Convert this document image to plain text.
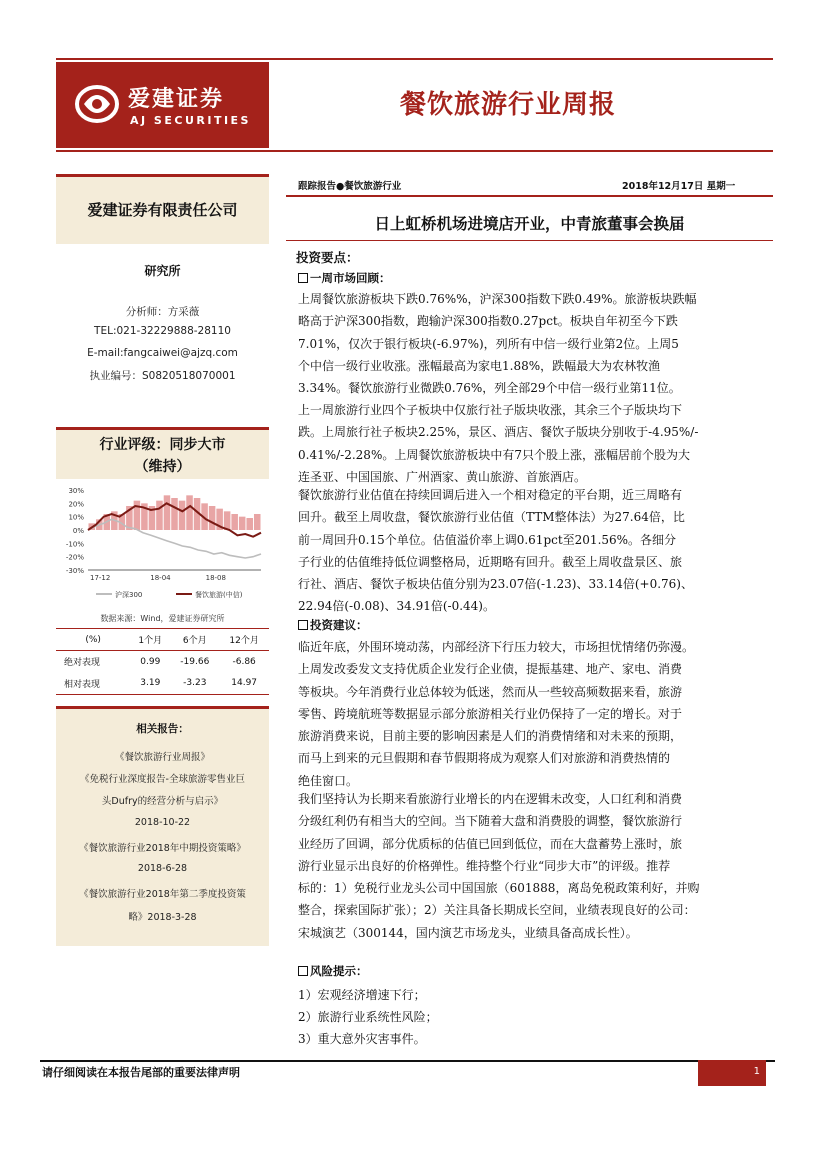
爱建证券
AJ SECURITIES
餐饮旅游行业周报
爱建证券有限责任公司
研究所
分析师：方采薇
TEL:021-32229888-28110
E-mail:fangcaiwei@ajzq.com
执业编号：S0820518070001
行业评级：同步大市
（维持）
30%
20%
10%
0%
-10%
-20%
-30%
17-12	18-04	18-08
沪深300	餐饮旅游(中信)
数据来源：Wind，爱建证券研究所
(%)	1个月	6个月	12个月
绝对表现	0.99	-19.66	-6.86
相对表现	3.19	-3.23	14.97
相关报告：
《餐饮旅游行业周报》
《免税行业深度报告-全球旅游零售业巨
头Dufry的经营分析与启示》
2018-10-22
《餐饮旅游行业2018年中期投资策略》
2018-6-28
《餐饮旅游行业2018年第二季度投资策
略》2018-3-28
跟踪报告●餐饮旅游行业	2018年12月17日 星期一
日上虹桥机场进境店开业，中青旅董事会换届
投资要点：
一周市场回顾：
上周餐饮旅游板块下跌0.76%%，沪深300指数下跌0.49%。旅游板块跌幅
略高于沪深300指数，跑输沪深300指数0.27pct。板块自年初至今下跌
7.01%，仅次于银行板块(-6.97%)，列所有中信一级行业第2位。上周5
个中信一级行业收涨。涨幅最高为家电1.88%，跌幅最大为农林牧渔
3.34%。餐饮旅游行业微跌0.76%，列全部29个中信一级行业第11位。
上一周旅游行业四个子板块中仅旅行社子版块收涨，其余三个子版块均下
跌。上周旅行社子板块2.25%，景区、酒店、餐饮子版块分别收于-4.95%/-
0.41%/-2.28%。上周餐饮旅游板块中有7只个股上涨，涨幅居前个股为大
连圣亚、中国国旅、广州酒家、黄山旅游、首旅酒店。
餐饮旅游行业估值在持续回调后进入一个相对稳定的平台期，近三周略有
回升。截至上周收盘，餐饮旅游行业估值（TTM整体法）为27.64倍，比
前一周回升0.15个单位。估值溢价率上调0.61pct至201.56%。各细分
子行业的估值维持低位调整格局，近期略有回升。截至上周收盘景区、旅
行社、酒店、餐饮子板块估值分别为23.07倍(-1.23)、33.14倍(+0.76)、
22.94倍(-0.08)、34.91倍(-0.44)。
投资建议：
临近年底，外围环境动荡，内部经济下行压力较大，市场担忧情绪仍弥漫。
上周发改委发文支持优质企业发行企业债，提振基建、地产、家电、消费
等板块。今年消费行业总体较为低迷，然而从一些较高频数据来看，旅游
零售、跨境航班等数据显示部分旅游相关行业仍保持了一定的增长。对于
旅游消费来说，目前主要的影响因素是人们的消费情绪和对未来的预期，
而马上到来的元旦假期和春节假期将成为观察人们对旅游和消费热情的
绝佳窗口。
我们坚持认为长期来看旅游行业增长的内在逻辑未改变，人口红利和消费
分级红利仍有相当大的空间。当下随着大盘和消费股的调整，餐饮旅游行
业经历了回调，部分优质标的估值已回到低位，而在大盘蓄势上涨时，旅
游行业显示出良好的价格弹性。维持整个行业“同步大市”的评级。推荐
标的：1）免税行业龙头公司中国国旅（601888，离岛免税政策利好，并购
整合，探索国际扩张）；2）关注具备长期成长空间，业绩表现良好的公司：
宋城演艺（300144，国内演艺市场龙头，业绩具备高成长性）。
风险提示：
1）宏观经济增速下行；
2）旅游行业系统性风险；
3）重大意外灾害事件。
请仔细阅读在本报告尾部的重要法律声明	1
